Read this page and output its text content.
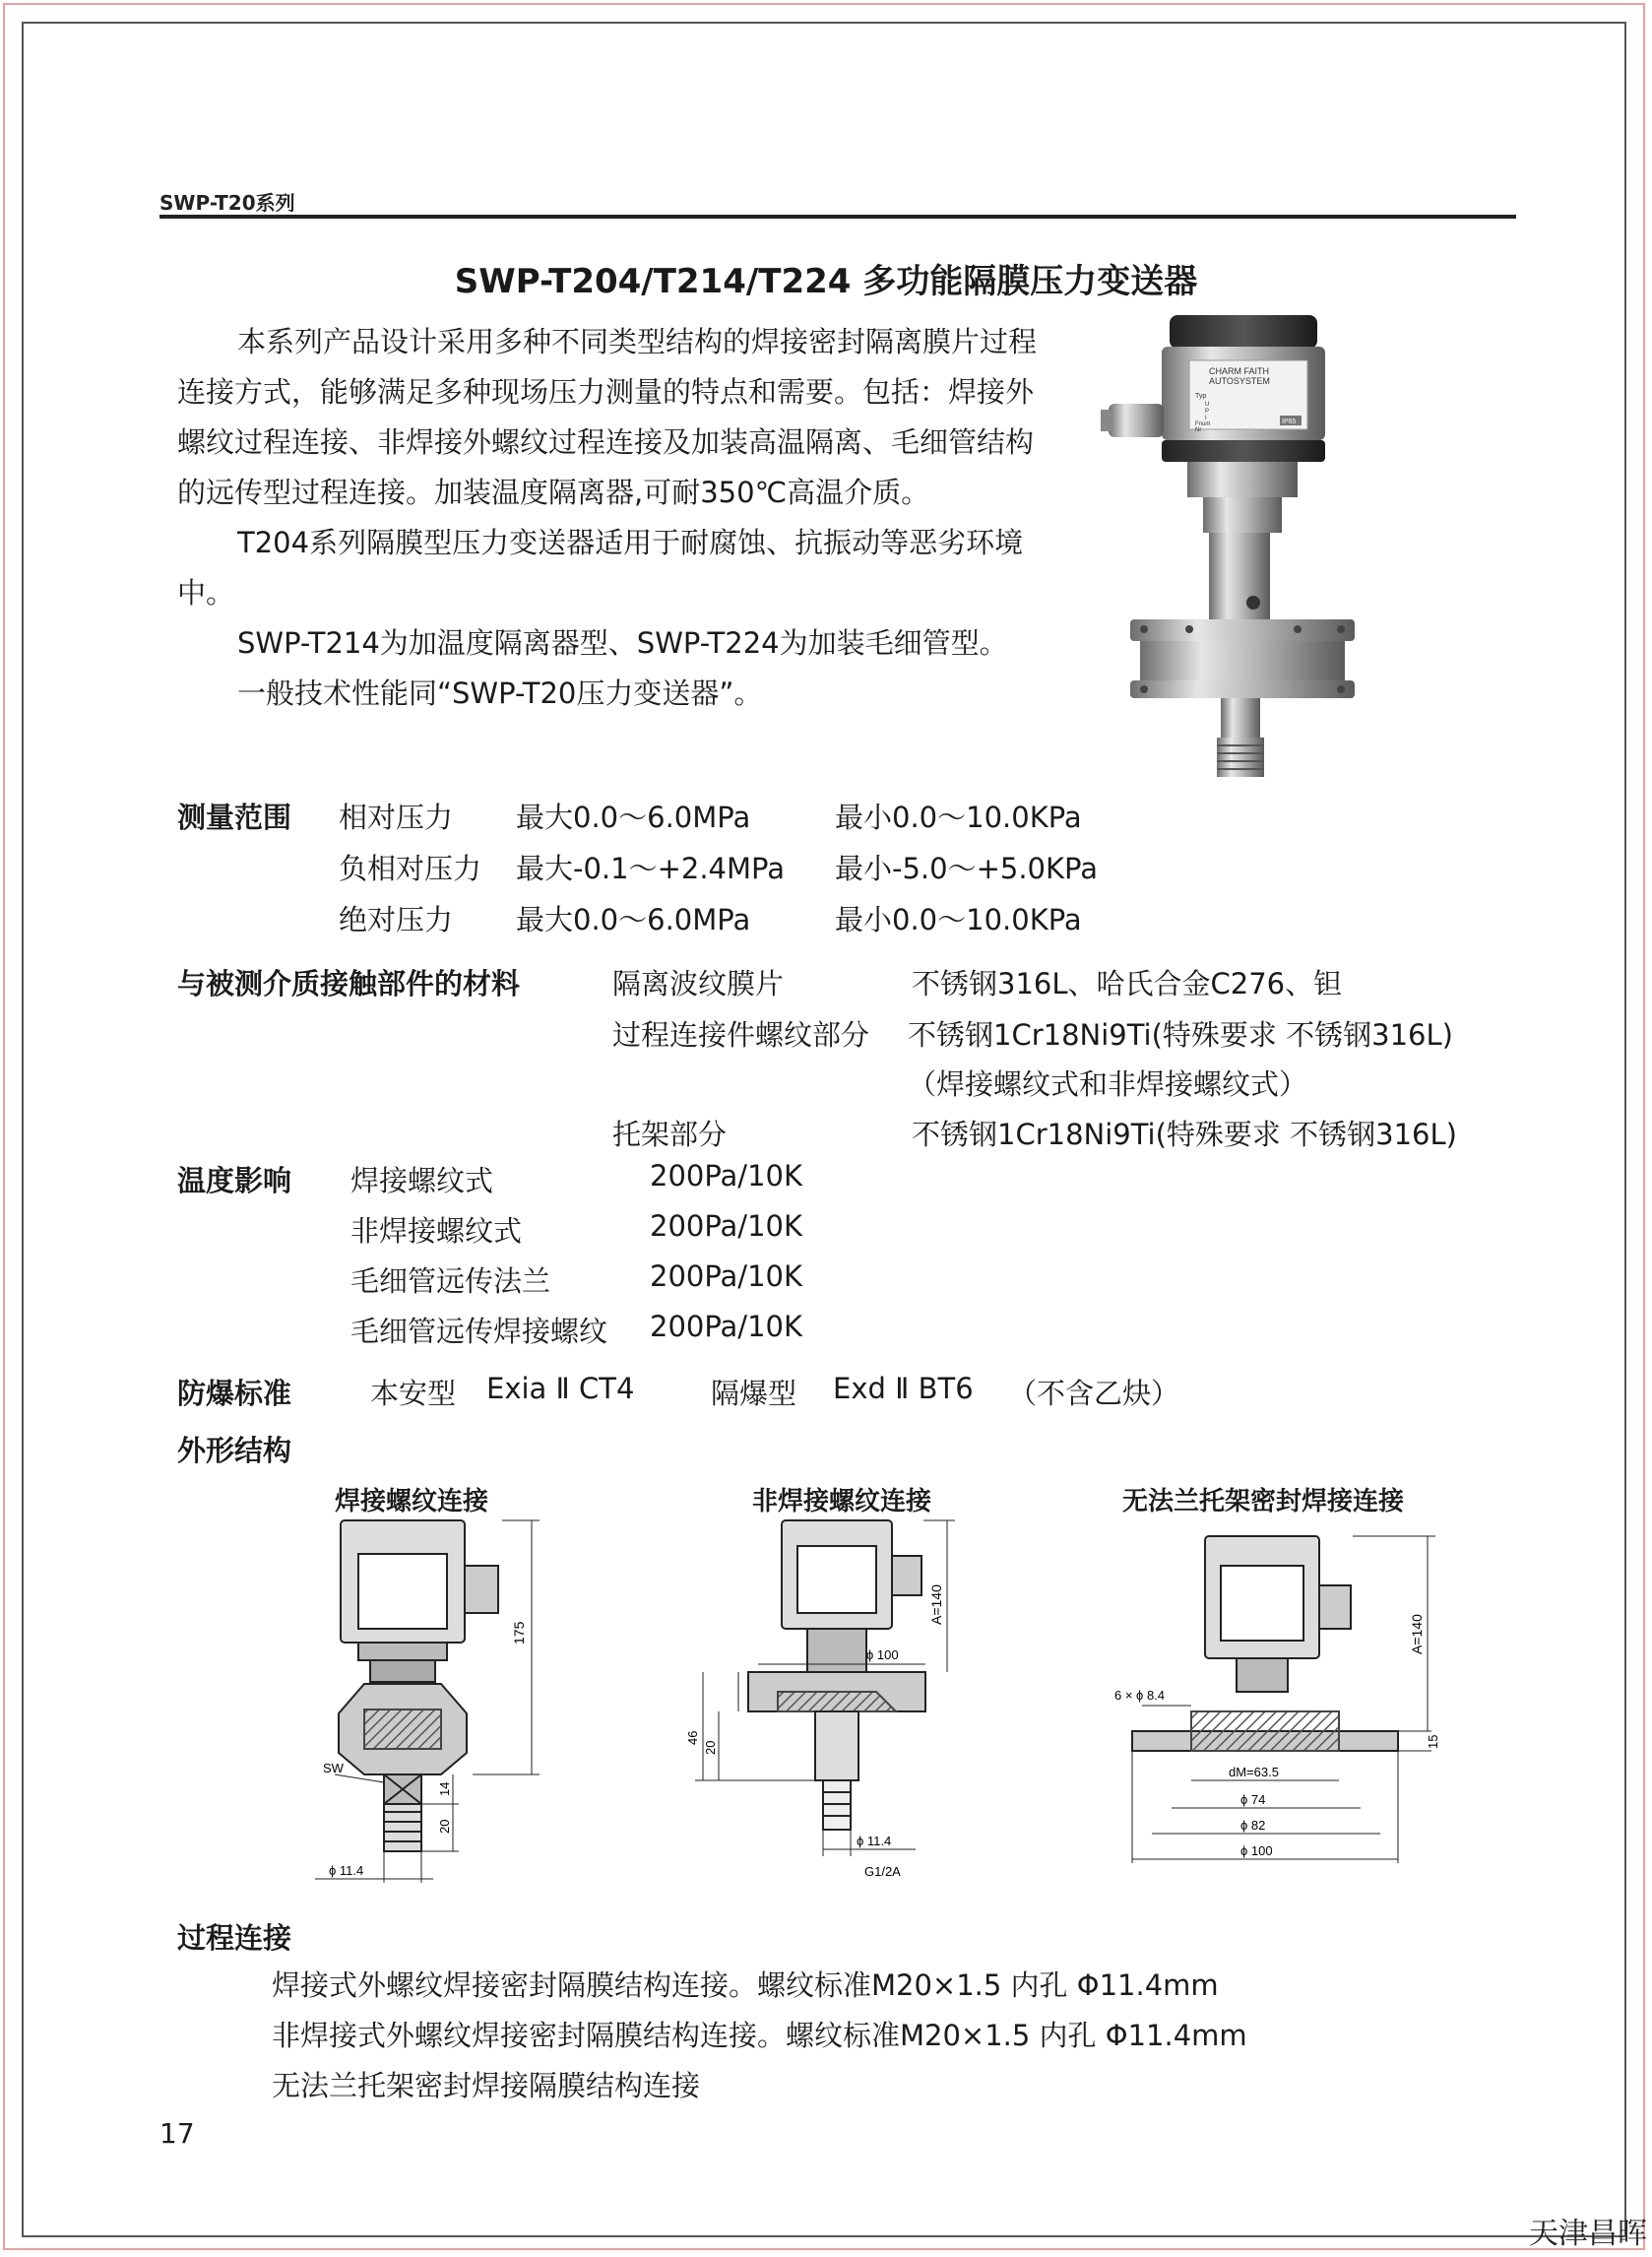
SWP-T20系列
SWP-T204/T214/T224 多功能隔膜压力变送器

本系列产品设计采用多种不同类型结构的焊接密封隔离膜片过程连接方式，能够满足多种现场压力测量的特点和需要。包括：焊接外螺纹过程连接、非焊接外螺纹过程连接及加装高温隔离、毛细管结构的远传型过程连接。加装温度隔离器,可耐350℃高温介质。

T204系列隔膜型压力变送器适用于耐腐蚀、抗振动等恶劣环境中。

SWP-T214为加温度隔离器型、SWP-T224为加装毛细管型。

一般技术性能同“SWP-T20压力变送器”。

CHARM FAITH
AUTOSYSTEM
Typ
U
P
I
Fnum
Nr
IP65
测量范围 相对压力 最大0.0～6.0MPa	最小0.0～10.0KPa
负相对压力 最大-0.1～+2.4MPa 最小-5.0～+5.0KPa
绝对压力 最大0.0～6.0MPa	最小0.0～10.0KPa
与被测介质接触部件的材料	隔离波纹膜片	不锈钢316L、哈氏合金C276、钽
过程连接件螺纹部分 不锈钢1Cr18Ni9Ti(特殊要求 不锈钢316L)
（焊接螺纹式和非焊接螺纹式）
托架部分	不锈钢1Cr18Ni9Ti(特殊要求 不锈钢316L)
温度影响 焊接螺纹式	200Pa/10K
非焊接螺纹式	200Pa/10K
毛细管远传法兰	200Pa/10K
毛细管远传焊接螺纹 200Pa/10K
防爆标准	本安型 Exia Ⅱ CT4	隔爆型 Exd Ⅱ BT6 （不含乙炔）
外形结构
焊接螺纹连接	非焊接螺纹连接	无法兰托架密封焊接连接
175
SW
14
20
ϕ 11.4
A=140
ϕ 100
46
20
ϕ 11.4
G1/2A
A=140
6 × ϕ 8.4
15
dM=63.5
ϕ 74
ϕ 82
ϕ 100
过程连接
焊接式外螺纹焊接密封隔膜结构连接。螺纹标准M20×1.5 内孔 Φ11.4mm
非焊接式外螺纹焊接密封隔膜结构连接。螺纹标准M20×1.5 内孔 Φ11.4mm
无法兰托架密封焊接隔膜结构连接
17
天津昌晖
